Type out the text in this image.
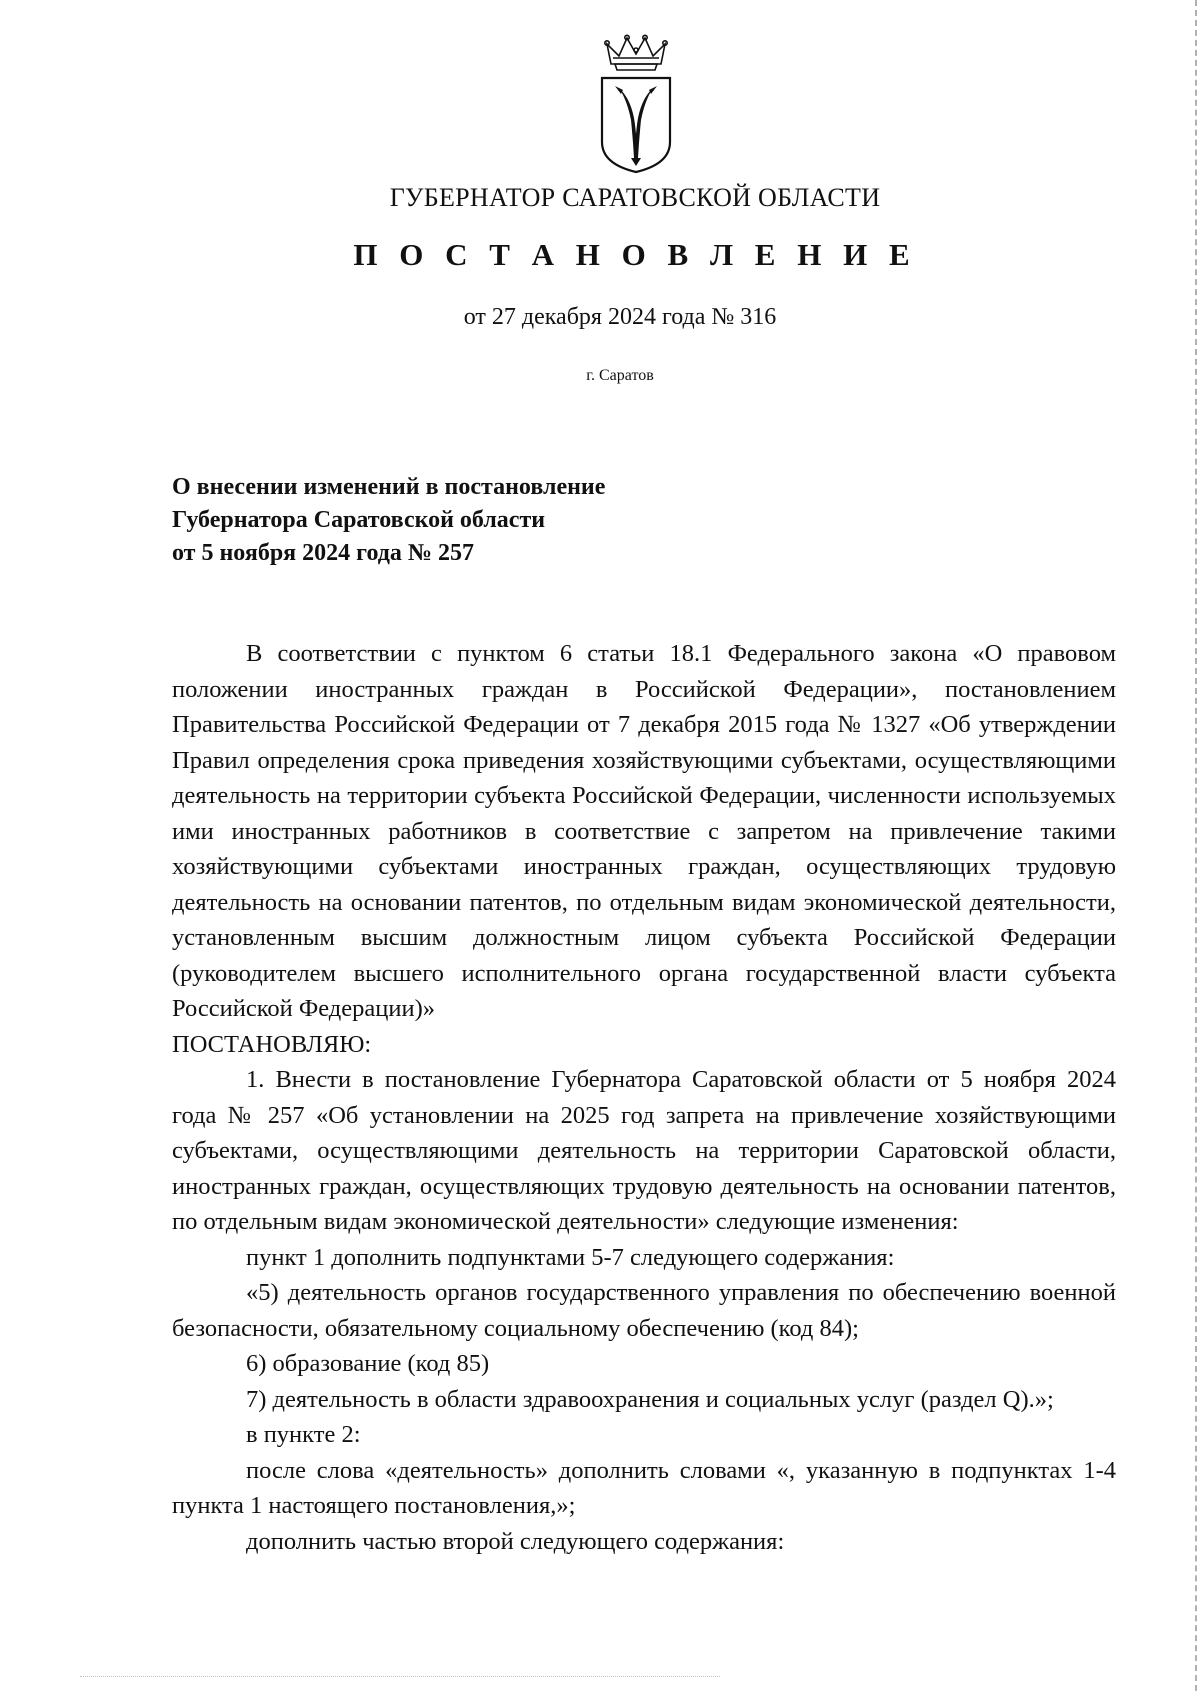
ГУБЕРНАТОР САРАТОВСКОЙ ОБЛАСТИ
П О С Т А Н О В Л Е Н И Е
от 27 декабря 2024 года № 316
г. Саратов
О внесении изменений в постановление
Губернатора Саратовской области
от 5 ноября 2024 года № 257

В соответствии с пунктом 6 статьи 18.1 Федерального закона «О правовом положении иностранных граждан в Российской Федерации», постановлением Правительства Российской Федерации от 7 декабря 2015 года № 1327 «Об утверждении Правил определения срока приведения хозяйствующими субъектами, осуществляющими деятельность на территории субъекта Российской Федерации, численности используемых ими иностранных работников в соответствие с запретом на привлечение такими хозяйствующими субъектами иностранных граждан, осуществляющих трудовую деятельность на основании патентов, по отдельным видам экономической деятельности, установленным высшим должностным лицом субъекта Российской Федерации (руководителем высшего исполнительного органа государственной власти субъекта Российской Федерации)»

ПОСТАНОВЛЯЮ:

1. Внести в постановление Губернатора Саратовской области от 5 ноября 2024 года № 257 «Об установлении на 2025 год запрета на привлечение хозяйствующими субъектами, осуществляющими деятельность на территории Саратовской области, иностранных граждан, осуществляющих трудовую деятельность на основании патентов, по отдельным видам экономической деятельности» следующие изменения:

пункт 1 дополнить подпунктами 5-7 следующего содержания:

«5) деятельность органов государственного управления по обеспечению военной безопасности, обязательному социальному обеспечению (код 84);

6) образование (код 85)

7) деятельность в области здравоохранения и социальных услуг (раздел Q).»;

в пункте 2:

после слова «деятельность» дополнить словами «, указанную в подпунктах 1-4 пункта 1 настоящего постановления,»;

дополнить частью второй следующего содержания:
